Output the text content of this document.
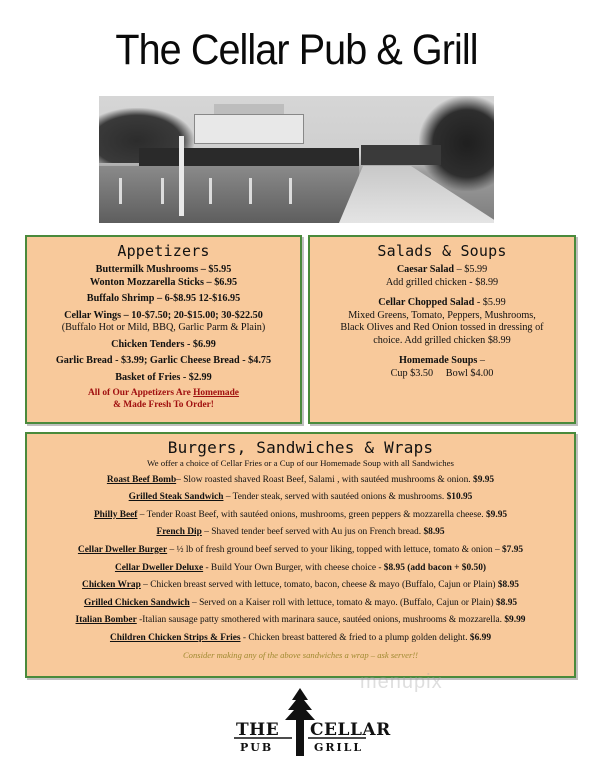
The Cellar Pub & Grill
Appetizers
Buttermilk Mushrooms – $5.95
Wonton Mozzarella Sticks – $6.95
Buffalo Shrimp – 6-$8.95 12-$16.95
Cellar Wings – 10-$7.50; 20-$15.00; 30-$22.50
(Buffalo Hot or Mild, BBQ, Garlic Parm & Plain)
Chicken Tenders - $6.99
Garlic Bread - $3.99; Garlic Cheese Bread - $4.75
Basket of Fries - $2.99
All of Our Appetizers Are Homemade
& Made Fresh To Order!
Salads & Soups
Caesar Salad – $5.99
Add grilled chicken - $8.99
Cellar Chopped Salad - $5.99
Mixed Greens, Tomato, Peppers, Mushrooms,
Black Olives and Red Onion tossed in dressing of
choice. Add grilled chicken $8.99
Homemade Soups –
Cup $3.50     Bowl $4.00
Burgers, Sandwiches & Wraps
We offer a choice of Cellar Fries or a Cup of our Homemade Soup with all Sandwiches
Roast Beef Bomb– Slow roasted shaved Roast Beef, Salami , with sautéed mushrooms & onion. $9.95
Grilled Steak Sandwich – Tender steak, served with sautéed onions & mushrooms. $10.95
Philly Beef – Tender Roast Beef, with sautéed onions, mushrooms, green peppers & mozzarella cheese. $9.95
French Dip – Shaved tender beef served with Au jus on French bread. $8.95
Cellar Dweller Burger – ½ lb of fresh ground beef served to your liking, topped with lettuce, tomato & onion – $7.95
Cellar Dweller Deluxe - Build Your Own Burger, with cheese choice - $8.95 (add bacon + $0.50)
Chicken Wrap – Chicken breast served with lettuce, tomato, bacon, cheese & mayo (Buffalo, Cajun or Plain) $8.95
Grilled Chicken Sandwich – Served on a Kaiser roll with lettuce, tomato & mayo. (Buffalo, Cajun or Plain) $8.95
Italian Bomber -Italian sausage patty smothered with marinara sauce, sautéed onions, mushrooms & mozzarella. $9.99
Children Chicken Strips & Fries - Chicken breast battered & fried to a plump golden delight. $6.99
Consider making any of the above sandwiches a wrap – ask server!!
menupix
THE CELLAR
PUB	GRILL
